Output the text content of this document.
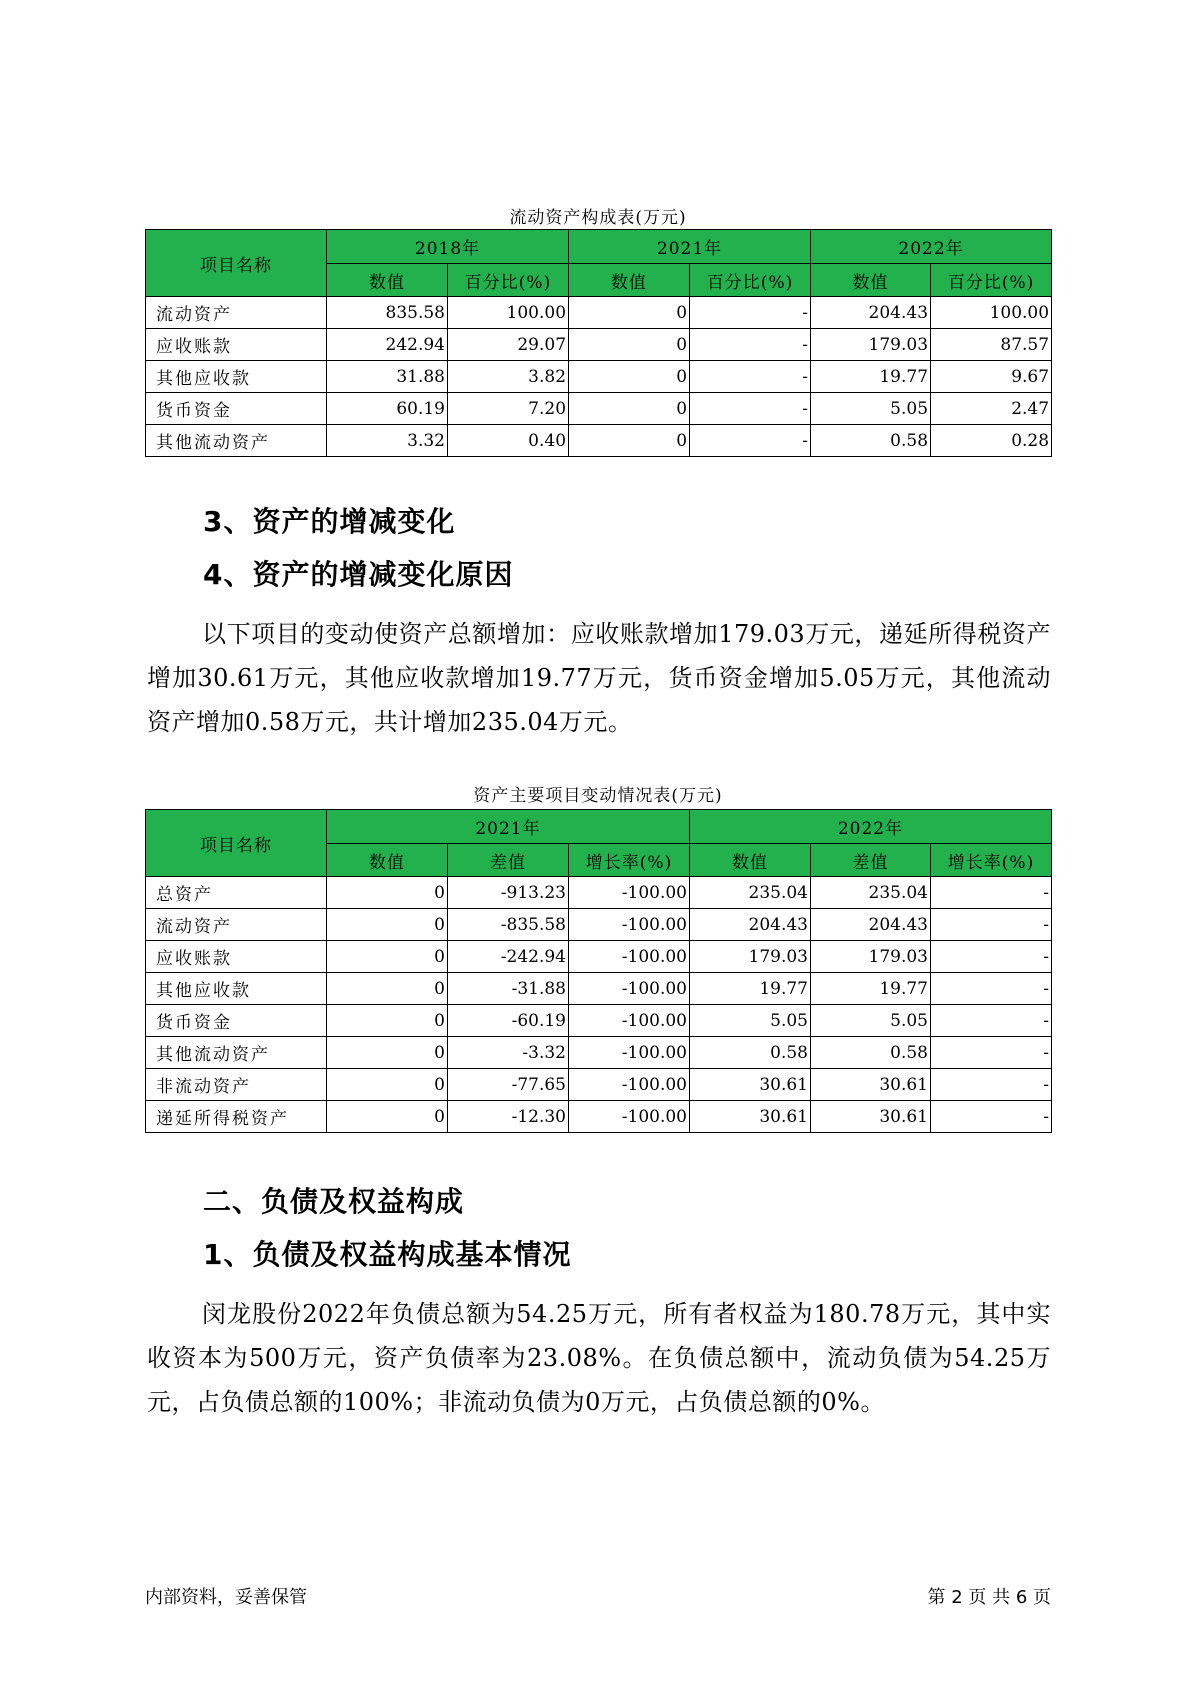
流动资产构成表(万元)
项目名称	2018年		2021年		2022年	
	数值	百分比(%)	数值	百分比(%)	数值	百分比(%)
流动资产	835.58	100.00	0	-	204.43	100.00
应收账款	242.94	29.07	0	-	179.03	87.57
其他应收款	31.88	3.82	0	-	19.77	9.67
货币资金	60.19	7.20	0	-	5.05	2.47
其他流动资产	3.32	0.40	0	-	0.58	0.28
3、资产的增减变化
4、资产的增减变化原因

以下项目的变动使资产总额增加：应收账款增加179.03万元，递延所得税资产增加30.61万元，其他应收款增加19.77万元，货币资金增加5.05万元，其他流动资产增加0.58万元，共计增加235.04万元。

资产主要项目变动情况表(万元)
项目名称	2021年			2022年		
	数值	差值	增长率(%)	数值	差值	增长率(%)
总资产	0	-913.23	-100.00	235.04	235.04	-
流动资产	0	-835.58	-100.00	204.43	204.43	-
应收账款	0	-242.94	-100.00	179.03	179.03	-
其他应收款	0	-31.88	-100.00	19.77	19.77	-
货币资金	0	-60.19	-100.00	5.05	5.05	-
其他流动资产	0	-3.32	-100.00	0.58	0.58	-
非流动资产	0	-77.65	-100.00	30.61	30.61	-
递延所得税资产	0	-12.30	-100.00	30.61	30.61	-
二、负债及权益构成
1、负债及权益构成基本情况

闵龙股份2022年负债总额为54.25万元，所有者权益为180.78万元，其中实收资本为500万元，资产负债率为23.08%。在负债总额中，流动负债为54.25万元，占负债总额的100%；非流动负债为0万元，占负债总额的0%。

内部资料，妥善保管	第 2 页 共 6 页
